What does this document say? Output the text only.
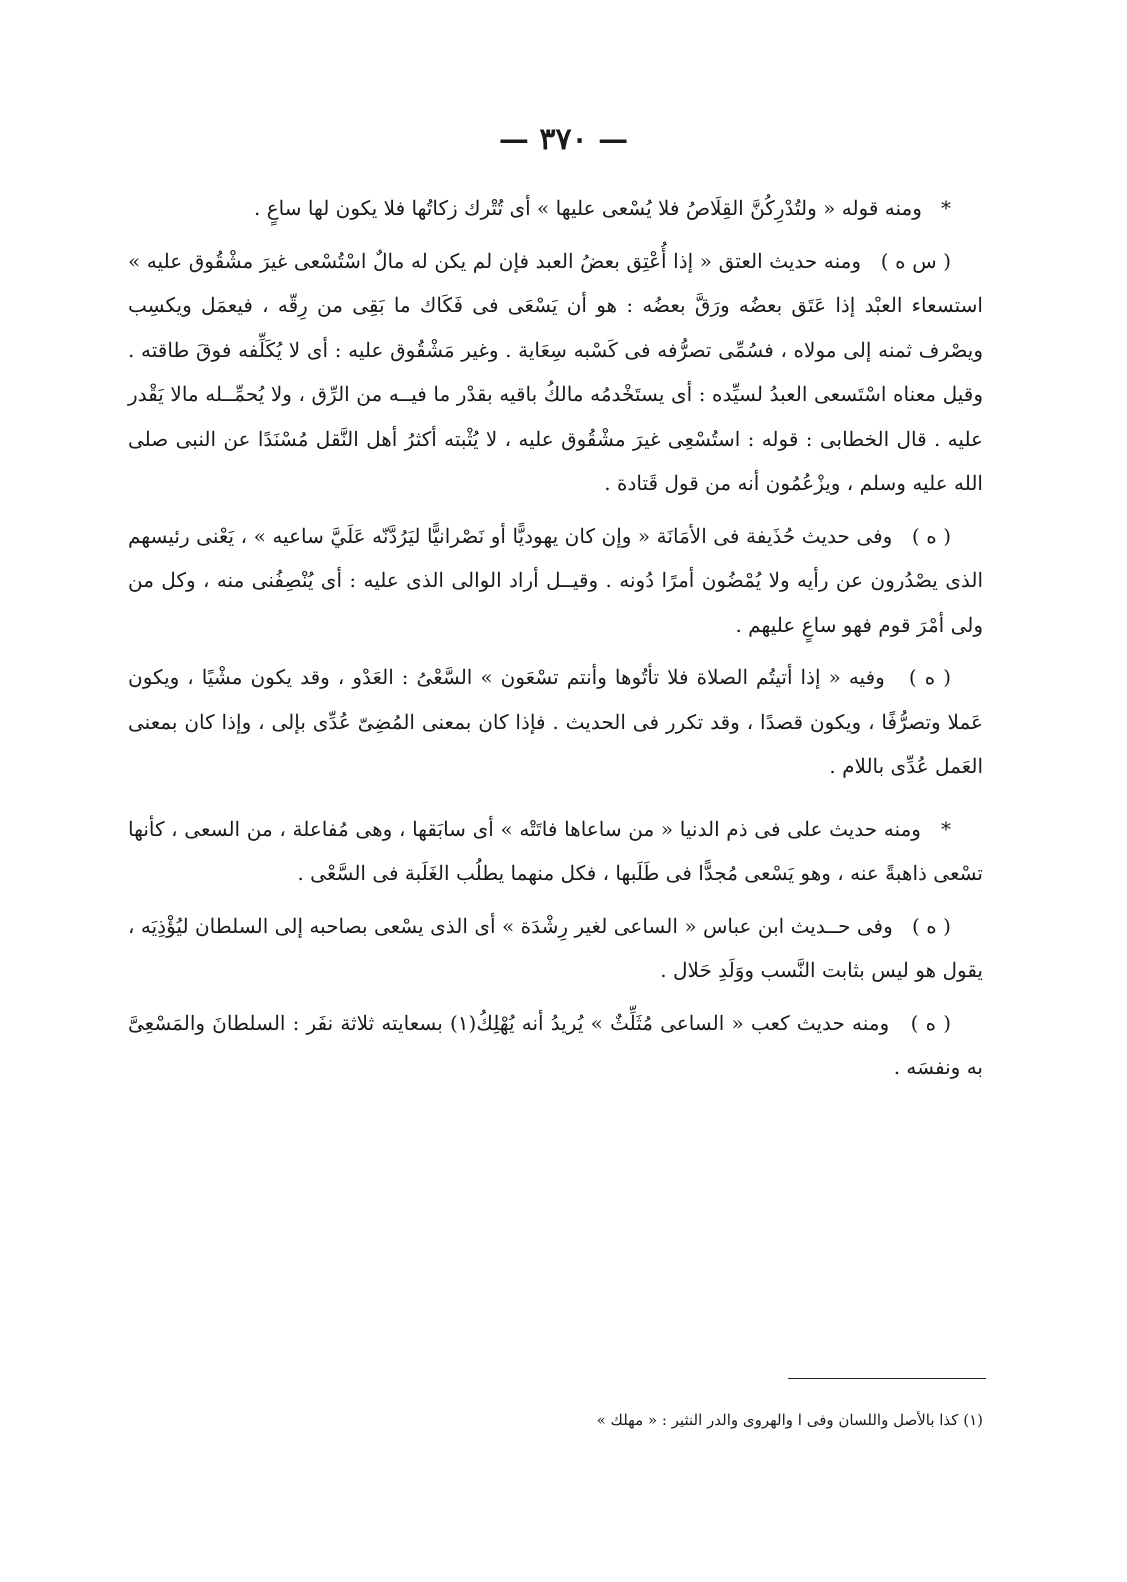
— ٣٧٠ —

*   ومنه قوله « ولتُدْرِكُنَّ القِلَاصُ فلا يُسْعى عليها » أى تُتْرك زكاتُها فلا يكون لها ساعٍ .

( س ه )   ومنه حديث العتق « إذا أُعْتِق بعضُ العبد فإن لم يكن له مالٌ اسْتُسْعى غيرَ مشْقُوق عليه » استسعاء العبْد إذا عَتَق بعضُه ورَقَّ بعضُه : هو أن يَسْعَى فى فَكَاك ما بَقِى من رِقّه ، فيعمَل ويكسِب ويصْرف ثمنه إلى مولاه ، فسُمِّى تصرُّفه فى كَسْبه سِعَاية . وغير مَشْقُوق عليه : أى لا يُكَلِّفه فوقَ طاقته . وقيل معناه اسْتَسعى العبدُ لسيِّده : أى يستَخْدمُه مالكُ باقيه بقدْر ما فيــه من الرِّق ، ولا يُحمِّــله مالا يَقْدر عليه . قال الخطابى : قوله : استُسْعِى غيرَ مشْقُوق عليه ، لا يُثْبته أكثرُ أهل النَّقل مُسْنَدًا عن النبى صلى الله عليه وسلم ، ويزْعُمُون أنه من قول قَتادة .

( ه )   وفى حديث حُذَيفة فى الأمَانَة « وإن كان يهوديًّا أو نَصْرانيًّا ليَرُدَّنّه عَلَيَّ ساعيه » ، يَعْنى رئيسهم الذى يصْدُرون عن رأيه ولا يُمْضُون أمرًا دُونه . وقيــل أراد الوالى الذى عليه : أى يُنْصِفُنى منه ، وكل من ولى أمْرَ قوم فهو ساعٍ عليهم .

( ه )   وفيه « إذا أتيتُم الصلاة فلا تأتُوها وأنتم تسْعَون » السَّعْىُ : العَدْو ، وقد يكون مشْيًا ، ويكون عَملا وتصرُّفًا ، ويكون قصدًا ، وقد تكرر فى الحديث . فإذا كان بمعنى المُضِىّ عُدِّى بإلى ، وإذا كان بمعنى العَمل عُدِّى باللام .

*   ومنه حديث على فى ذم الدنيا « من ساعاها فاتَتْه » أى سابَقها ، وهى مُفاعلة ، من السعى ، كأنها تسْعى ذاهبةً عنه ، وهو يَسْعى مُجدًّا فى طَلَبها ، فكل منهما يطلُب الغَلَبة فى السَّعْى .

( ه )   وفى حــديث ابن عباس « الساعى لغير رِشْدَة » أى الذى يسْعى بصاحبه إلى السلطان ليُؤْذِيَه ، يقول هو ليس بثابت النَّسب ووَلَدِ حَلال .

( ه )   ومنه حديث كعب « الساعى مُثَلِّثٌ » يُريدُ أنه يُهْلِكُ(١) بسعايته ثلاثة نفَر : السلطانَ والمَسْعِىَّ به ونفسَه .

(١) كذا بالأصل واللسان وفى ا والهروى والدر النثير : « مهلك »
